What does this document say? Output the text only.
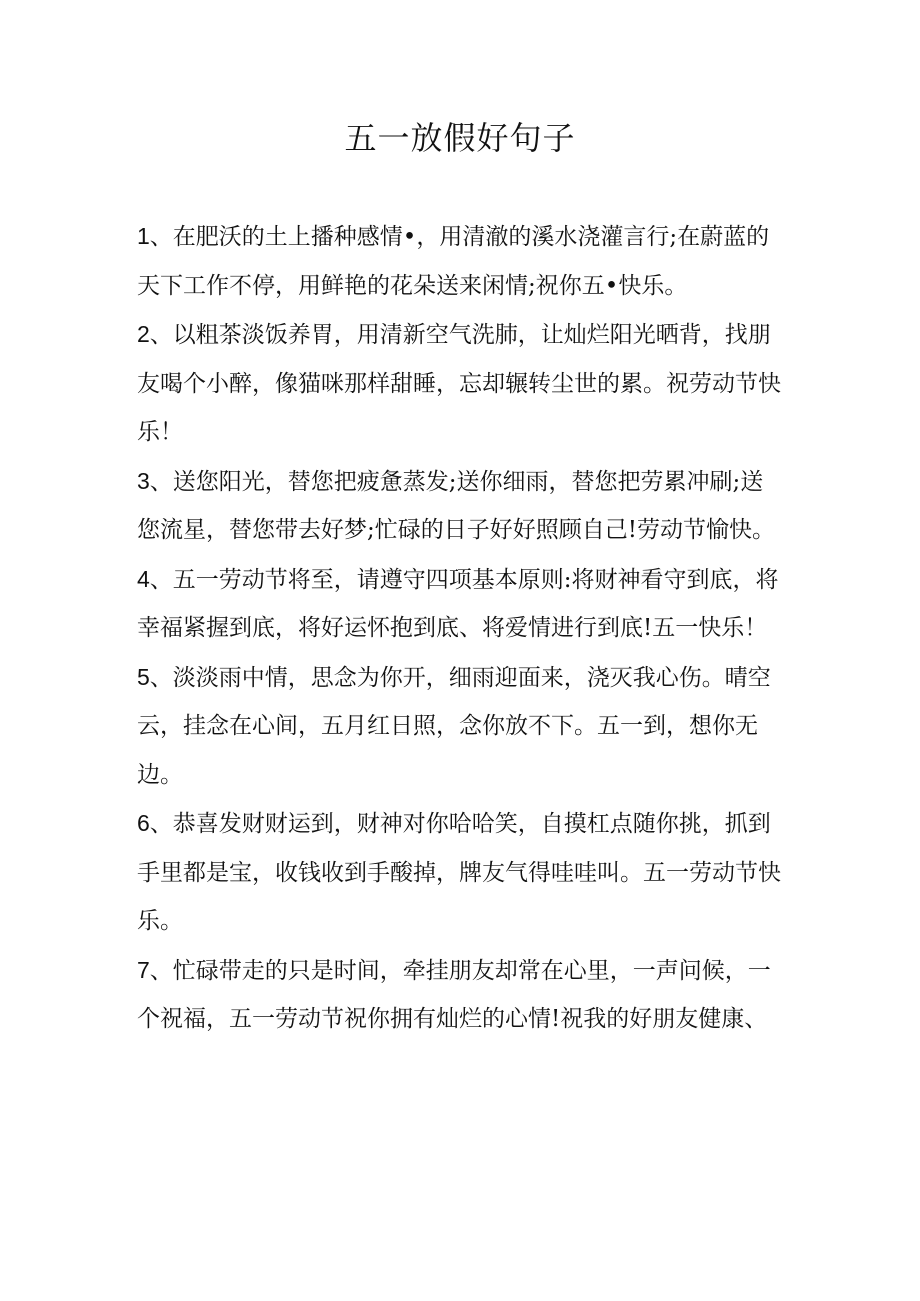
五一放假好句子

1、在肥沃的土上播种感情•，用清澈的溪水浇灌言行;在蔚蓝的天下工作不停，用鲜艳的花朵送来闲情;祝你五•快乐。

2、以粗茶淡饭养胃，用清新空气洗肺，让灿烂阳光晒背，找朋友喝个小醉，像猫咪那样甜睡，忘却辗转尘世的累。祝劳动节快乐！

3、送您阳光，替您把疲惫蒸发;送你细雨，替您把劳累冲刷;送您流星，替您带去好梦;忙碌的日子好好照顾自己!劳动节愉快。

4、五一劳动节将至，请遵守四项基本原则:将财神看守到底，将幸福紧握到底，将好运怀抱到底、将爱情进行到底!五一快乐！

5、淡淡雨中情，思念为你开，细雨迎面来，浇灭我心伤。晴空云，挂念在心间，五月红日照，念你放不下。五一到，想你无边。

6、恭喜发财财运到，财神对你哈哈笑，自摸杠点随你挑，抓到手里都是宝，收钱收到手酸掉，牌友气得哇哇叫。五一劳动节快乐。

7、忙碌带走的只是时间，牵挂朋友却常在心里，一声问候，一个祝福，五一劳动节祝你拥有灿烂的心情!祝我的好朋友健康、
